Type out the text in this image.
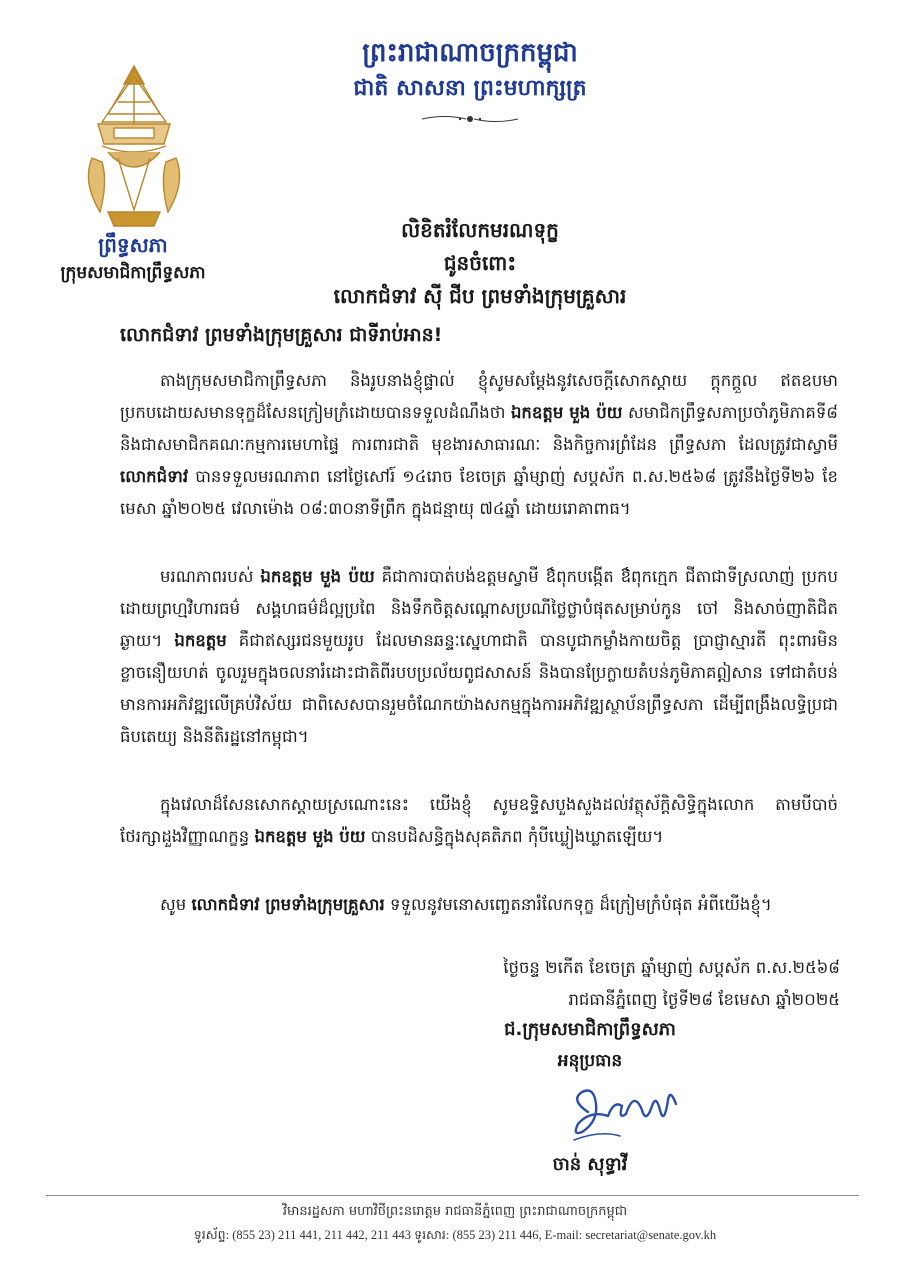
ព្រះរាជាណាចក្រកម្ពុជា
ជាតិ សាសនា ព្រះមហាក្សត្រ
ព្រឹទ្ធសភា
ក្រុមសមាជិកាព្រឹទ្ធសភា
លិខិតរំលែកមរណទុក្ខ
ជូនចំពោះ
លោកជំទាវ ស៊ី ជីប ព្រមទាំងក្រុមគ្រួសារ
លោកជំទាវ ព្រមទាំងក្រុមគ្រួសារ ជាទីរាប់អាន!
តាងក្រុមសមាជិកាព្រឹទ្ធសភា និងរូបនាងខ្ញុំផ្ទាល់ ខ្ញុំសូមសម្តែងនូវសេចក្តីសោកស្តាយ ក្តុកក្តួល ឥតឧបមា ប្រកបដោយសមានទុក្ខដ៏សែនក្រៀមក្រំដោយបានទទួលដំណឹងថា ឯកឧត្តម មួង ប៉យ សមាជិកព្រឹទ្ធសភាប្រចាំភូមិភាគទី៨ និងជាសមាជិកគណៈកម្មការមេហាផ្ទៃ ការពារជាតិ មុខងារសាធារណៈ និងកិច្ចការព្រំដែន ព្រឹទ្ធសភា ដែលត្រូវជាស្វាមី លោកជំទាវ បានទទួលមរណភាព នៅថ្ងៃសៅរ៍ ១៤រោច ខែចេត្រ ឆ្នាំម្សាញ់ សប្តស័ក ព.ស.២៥៦៨ ត្រូវនឹងថ្ងៃទី២៦ ខែមេសា ឆ្នាំ២០២៥ វេលាម៉ោង ០៨:៣០នាទីព្រឹក ក្នុងជន្មាយុ ៧៤ឆ្នាំ ដោយរោគាពាធ។
មរណភាពរបស់ ឯកឧត្តម មួង ប៉យ គឺជាការបាត់បង់ឧត្តមស្វាមី ឳពុកបង្កើត ឳពុកក្មេក ជីតាជាទីស្រលាញ់ ប្រកបដោយព្រហ្មវិហារធម៌ សង្គហធម៌ដ៏ល្អប្រពៃ និងទឹកចិត្តសណ្តោសប្រណីថ្លៃថ្លាបំផុតសម្រាប់កូន ចៅ និងសាច់ញាតិជិតឆ្ងាយ។ ឯកឧត្តម គឺជាឥស្សរជនមួយរូប ដែលមានឆន្ទៈស្នេហាជាតិ បានបូជាកម្លាំងកាយចិត្ត ប្រាជ្ញាស្មារតី ពុះពារមិនខ្លាចនឿយហត់ ចូលរួមក្នុងចលនារំដោះជាតិពីរបបប្រល័យពូជសាសន៍ និងបានប្រែក្លាយតំបន់ភូមិភាគឦសាន ទៅជាតំបន់មានការអភិវឌ្ឍលើគ្រប់វិស័យ ជាពិសេសបានរួមចំណែកយ៉ាងសកម្មក្នុងការអភិវឌ្ឍស្ថាប័នព្រឹទ្ធសភា ដើម្បីពង្រឹងលទ្ធិប្រជាធិបតេយ្យ និងនីតិរដ្ឋនៅកម្ពុជា។
ក្នុងវេលាដ៏សែនសោកស្តាយស្រណោះនេះ យើងខ្ញុំ សូមឧទ្ទិសបួងសួងដល់វត្ថុស័ក្តិសិទ្ធិក្នុងលោក តាមបីបាច់ថែរក្សាដួងវិញ្ញាណក្ខន្ធ ឯកឧត្តម មួង ប៉យ បានបដិសន្ធិក្នុងសុគតិភព កុំបីឃ្លៀងឃ្លាតឡើយ។
សូម លោកជំទាវ ព្រមទាំងក្រុមគ្រួសារ ទទួលនូវមនោសញ្ចេតនារំលែកទុក្ខ ដ៏ក្រៀមក្រំបំផុត អំពីយើងខ្ញុំ។
ថ្ងៃចន្ទ ២កើត ខែចេត្រ ឆ្នាំម្សាញ់ សប្តស័ក ព.ស.២៥៦៨
រាជធានីភ្នំពេញ ថ្ងៃទី២៨ ខែមេសា ឆ្នាំ២០២៥
ជ.ក្រុមសមាជិកាព្រឹទ្ធសភា
អនុប្រធាន
ចាន់ សុទ្ធាវី
វិមានរដ្ឋសភា មហាវិថីព្រះនរោត្តម រាជធានីភ្នំពេញ ព្រះរាជាណាចក្រកម្ពុជា
ទូរស័ព្ទ: (855 23) 211 441, 211 442, 211 443 ទូរសារ: (855 23) 211 446, E-mail: secretariat@senate.gov.kh
